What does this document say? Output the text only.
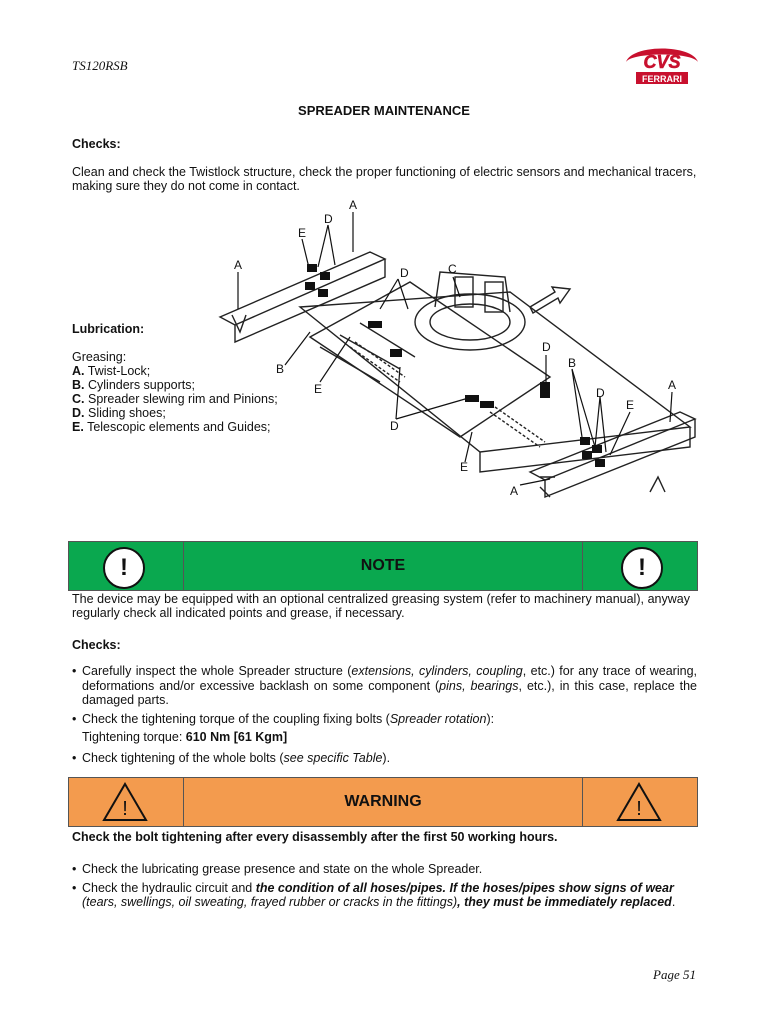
TS120RSB	CVS
FERRARI
SPREADER MAINTENANCE
Checks:
Clean and check the Twistlock structure, check the proper functioning of electric sensors and mechanical tracers, making sure they do not come in contact.
Lubrication:
Greasing:
A. Twist-Lock;
B. Cylinders supports;
C. Spreader slewing rim and Pinions;
D. Sliding shoes;
E. Telescopic elements and Guides;
A
D
E
A
D	C
B
E
D
D
B
A
D
E
E
A
!	NOTE	!
The device may be equipped with an optional centralized greasing system (refer to machinery manual), anyway regularly check all indicated points and grease, if necessary.
Checks:
• Carefully inspect the whole Spreader structure (extensions, cylinders, coupling, etc.) for any trace of wearing, deformations and/or excessive backlash on some component (pins, bearings, etc.), in this case, replace the damaged parts.
• Check the tightening torque of the coupling fixing bolts (Spreader rotation):
Tightening torque: 610 Nm [61 Kgm]
• Check tightening of the whole bolts (see specific Table).
!	WARNING	!
Check the bolt tightening after every disassembly after the first 50 working hours.
• Check the lubricating grease presence and state on the whole Spreader.
• Check the hydraulic circuit and the condition of all hoses/pipes. If the hoses/pipes show signs of wear (tears, swellings, oil sweating, frayed rubber or cracks in the fittings), they must be immediately replaced.
Page 51
